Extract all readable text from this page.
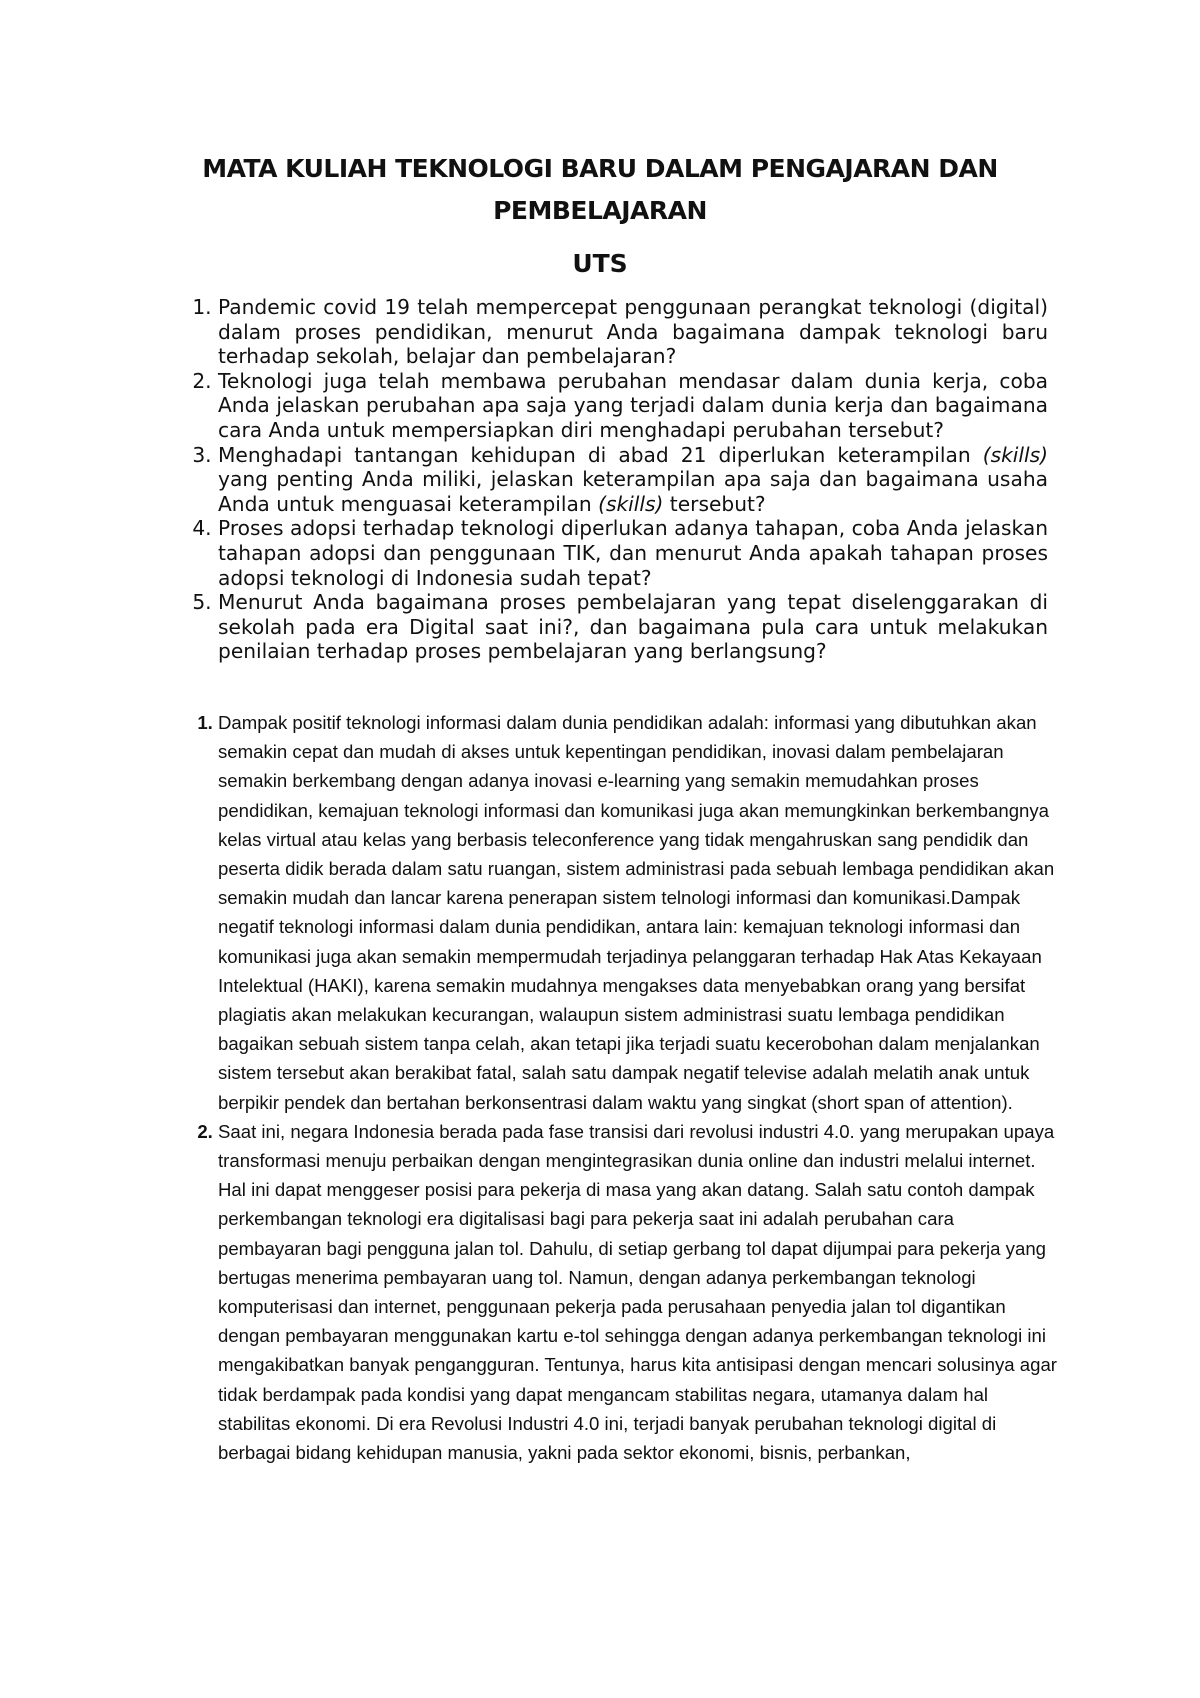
MATA KULIAH TEKNOLOGI BARU DALAM PENGAJARAN DAN PEMBELAJARAN
UTS
1. Pandemic covid 19 telah mempercepat penggunaan perangkat teknologi (digital) dalam proses pendidikan, menurut Anda bagaimana dampak teknologi baru terhadap sekolah, belajar dan pembelajaran?
2. Teknologi juga telah membawa perubahan mendasar dalam dunia kerja, coba Anda jelaskan perubahan apa saja yang terjadi dalam dunia kerja dan bagaimana cara Anda untuk mempersiapkan diri menghadapi perubahan tersebut?
3. Menghadapi tantangan kehidupan di abad 21 diperlukan keterampilan (skills) yang penting Anda miliki, jelaskan keterampilan apa saja dan bagaimana usaha Anda untuk menguasai keterampilan (skills) tersebut?
4. Proses adopsi terhadap teknologi diperlukan adanya tahapan, coba Anda jelaskan tahapan adopsi dan penggunaan TIK, dan menurut Anda apakah tahapan proses adopsi teknologi di Indonesia sudah tepat?
5. Menurut Anda bagaimana proses pembelajaran yang tepat diselenggarakan di sekolah pada era Digital saat ini?, dan bagaimana pula cara untuk melakukan penilaian terhadap proses pembelajaran yang berlangsung?
1. Dampak positif teknologi informasi dalam dunia pendidikan adalah: informasi yang dibutuhkan akan semakin cepat dan mudah di akses untuk kepentingan pendidikan, inovasi dalam pembelajaran semakin berkembang dengan adanya inovasi e-learning yang semakin memudahkan proses pendidikan, kemajuan teknologi informasi dan komunikasi juga akan memungkinkan berkembangnya kelas virtual atau kelas yang berbasis teleconference yang tidak mengahruskan sang pendidik dan peserta didik berada dalam satu ruangan, sistem administrasi pada sebuah lembaga pendidikan akan semakin mudah dan lancar karena penerapan sistem telnologi informasi dan komunikasi.Dampak negatif teknologi informasi dalam dunia pendidikan, antara lain: kemajuan teknologi informasi dan komunikasi juga akan semakin mempermudah terjadinya pelanggaran terhadap Hak Atas Kekayaan Intelektual (HAKI), karena semakin mudahnya mengakses data menyebabkan orang yang bersifat plagiatis akan melakukan kecurangan, walaupun sistem administrasi suatu lembaga pendidikan bagaikan sebuah sistem tanpa celah, akan tetapi jika terjadi suatu kecerobohan dalam menjalankan sistem tersebut akan berakibat fatal, salah satu dampak negatif televise adalah melatih anak untuk berpikir pendek dan bertahan berkonsentrasi dalam waktu yang singkat (short span of attention).
2. Saat ini, negara Indonesia berada pada fase transisi dari revolusi industri 4.0. yang merupakan upaya transformasi menuju perbaikan dengan mengintegrasikan dunia online dan industri melalui internet. Hal ini dapat menggeser posisi para pekerja di masa yang akan datang. Salah satu contoh dampak perkembangan teknologi era digitalisasi bagi para pekerja saat ini adalah perubahan cara pembayaran bagi pengguna jalan tol. Dahulu, di setiap gerbang tol dapat dijumpai para pekerja yang bertugas menerima pembayaran uang tol. Namun, dengan adanya perkembangan teknologi komputerisasi dan internet, penggunaan pekerja pada perusahaan penyedia jalan tol digantikan dengan pembayaran menggunakan kartu e-tol sehingga dengan adanya perkembangan teknologi ini mengakibatkan banyak pengangguran. Tentunya, harus kita antisipasi dengan mencari solusinya agar tidak berdampak pada kondisi yang dapat mengancam stabilitas negara, utamanya dalam hal stabilitas ekonomi. Di era Revolusi Industri 4.0 ini, terjadi banyak perubahan teknologi digital di berbagai bidang kehidupan manusia, yakni pada sektor ekonomi, bisnis, perbankan,
